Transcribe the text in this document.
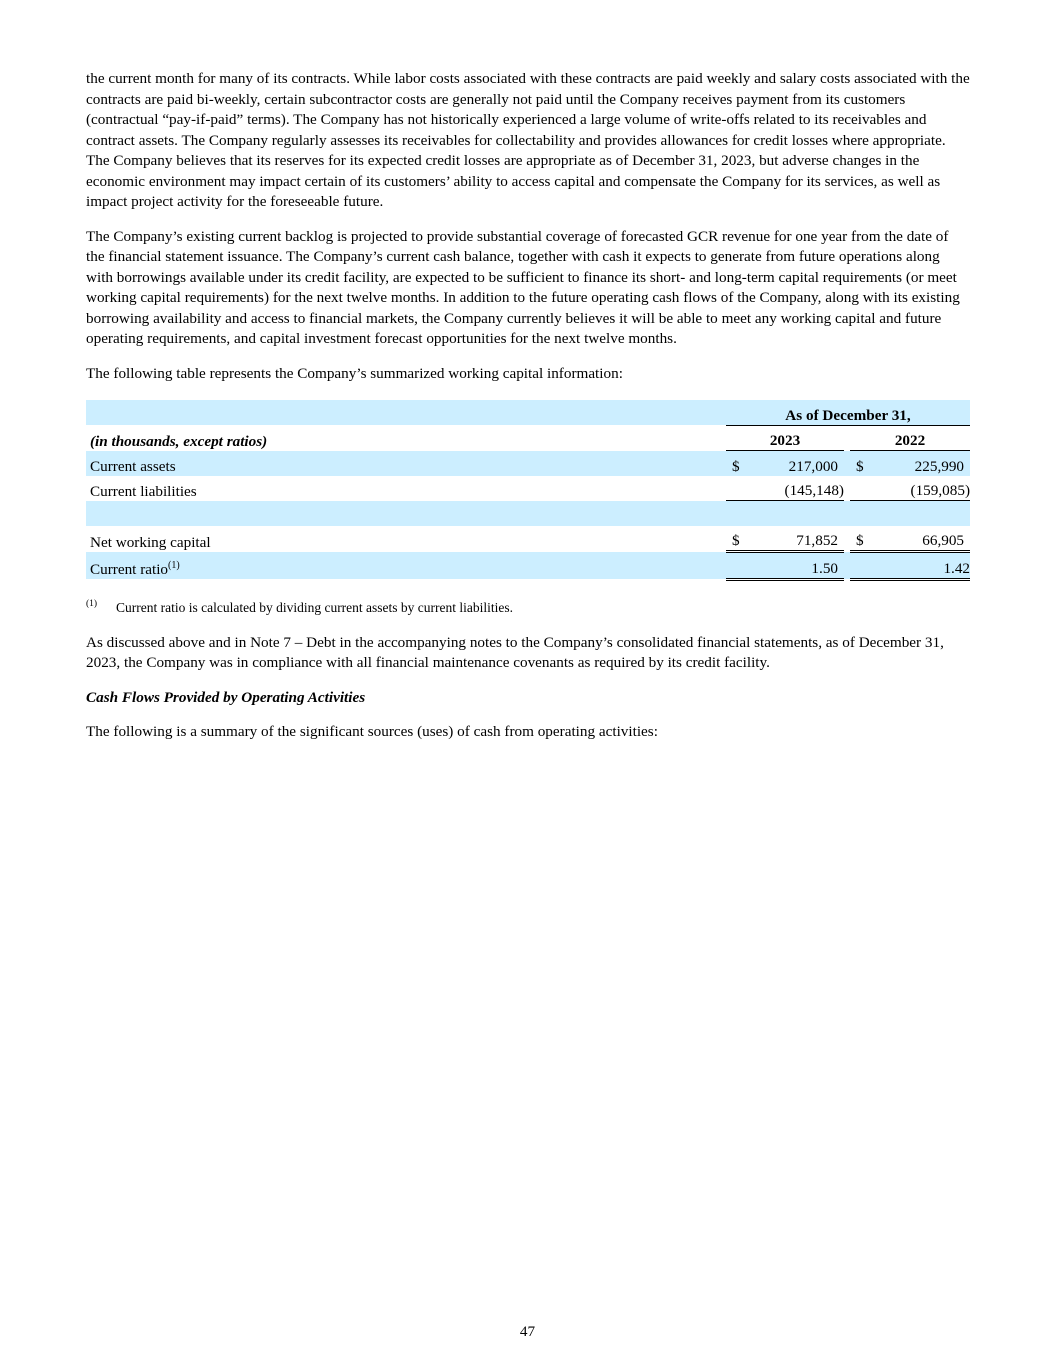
the current month for many of its contracts. While labor costs associated with these contracts are paid weekly and salary costs associated with the contracts are paid bi-weekly, certain subcontractor costs are generally not paid until the Company receives payment from its customers (contractual “pay-if-paid” terms). The Company has not historically experienced a large volume of write-offs related to its receivables and contract assets. The Company regularly assesses its receivables for collectability and provides allowances for credit losses where appropriate. The Company believes that its reserves for its expected credit losses are appropriate as of December 31, 2023, but adverse changes in the economic environment may impact certain of its customers’ ability to access capital and compensate the Company for its services, as well as impact project activity for the foreseeable future.

The Company’s existing current backlog is projected to provide substantial coverage of forecasted GCR revenue for one year from the date of the financial statement issuance. The Company’s current cash balance, together with cash it expects to generate from future operations along with borrowings available under its credit facility, are expected to be sufficient to finance its short- and long-term capital requirements (or meet working capital requirements) for the next twelve months. In addition to the future operating cash flows of the Company, along with its existing borrowing availability and access to financial markets, the Company currently believes it will be able to meet any working capital and future operating requirements, and capital investment forecast opportunities for the next twelve months.

The following table represents the Company’s summarized working capital information:

	As of December 31,				
(in thousands, except ratios)	2023			2022	
Current assets	$	217,000		$	225,990
Current liabilities		(145,148)			(159,085)

Net working capital	$	71,852		$	66,905
Current ratio$^{(1)}$		1.50			1.42
(1)	Current ratio is calculated by dividing current assets by current liabilities.

As discussed above and in Note 7 – Debt in the accompanying notes to the Company’s consolidated financial statements, as of December 31, 2023, the Company was in compliance with all financial maintenance covenants as required by its credit facility.

Cash Flows Provided by Operating Activities

The following is a summary of the significant sources (uses) of cash from operating activities:

47
